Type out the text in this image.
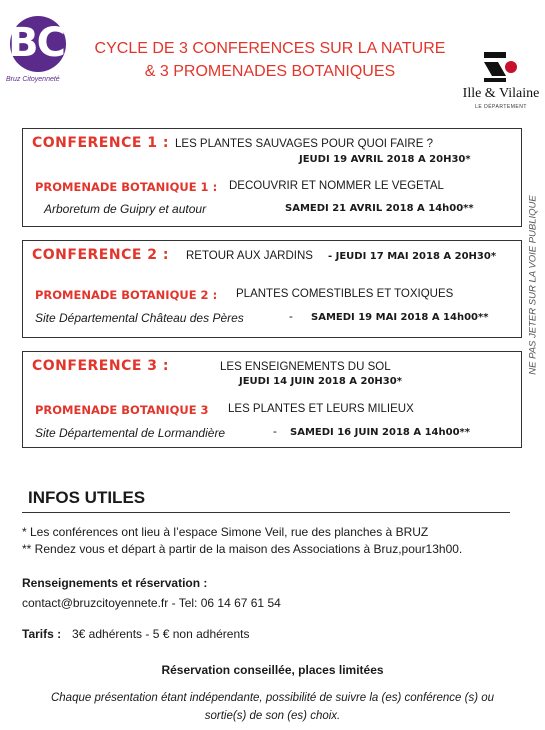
BC
Bruz Citoyenneté
CYCLE DE 3 CONFERENCES SUR LA NATURE
& 3 PROMENADES BOTANIQUES
Ille & Vilaine
LE DÉPARTEMENT
CONFERENCE 1 : LES PLANTES SAUVAGES POUR QUOI FAIRE ?
JEUDI 19 AVRIL 2018 A 20H30*
PROMENADE BOTANIQUE 1 : DECOUVRIR ET NOMMER LE VEGETAL
Arboretum de Guipry et autour	SAMEDI 21 AVRIL 2018 A 14h00**
CONFERENCE 2 : RETOUR AUX JARDINS - JEUDI 17 MAI 2018 A 20H30*
PROMENADE BOTANIQUE 2 : PLANTES COMESTIBLES ET TOXIQUES
Site Départemental Château des Pères	- SAMEDI 19 MAI 2018 A 14h00**
CONFERENCE 3 :	LES ENSEIGNEMENTS DU SOL
JEUDI 14 JUIN 2018 A 20H30*
PROMENADE BOTANIQUE 3 LES PLANTES ET LEURS MILIEUX
Site Départemental de Lormandière	- SAMEDI 16 JUIN 2018 A 14h00**
NE PAS JETER SUR LA VOIE PUBLIQUE
INFOS UTILES
* Les conférences ont lieu à l’espace Simone Veil, rue des planches à BRUZ
** Rendez vous et départ à partir de la maison des Associations à Bruz,pour13h00.
Renseignements et réservation :
contact@bruzcitoyennete.fr - Tel: 06 14 67 61 54
Tarifs : 3€ adhérents - 5 € non adhérents
Réservation conseillée, places limitées
Chaque présentation étant indépendante, possibilité de suivre la (es) conférence (s) ou
sortie(s) de son (es) choix.
